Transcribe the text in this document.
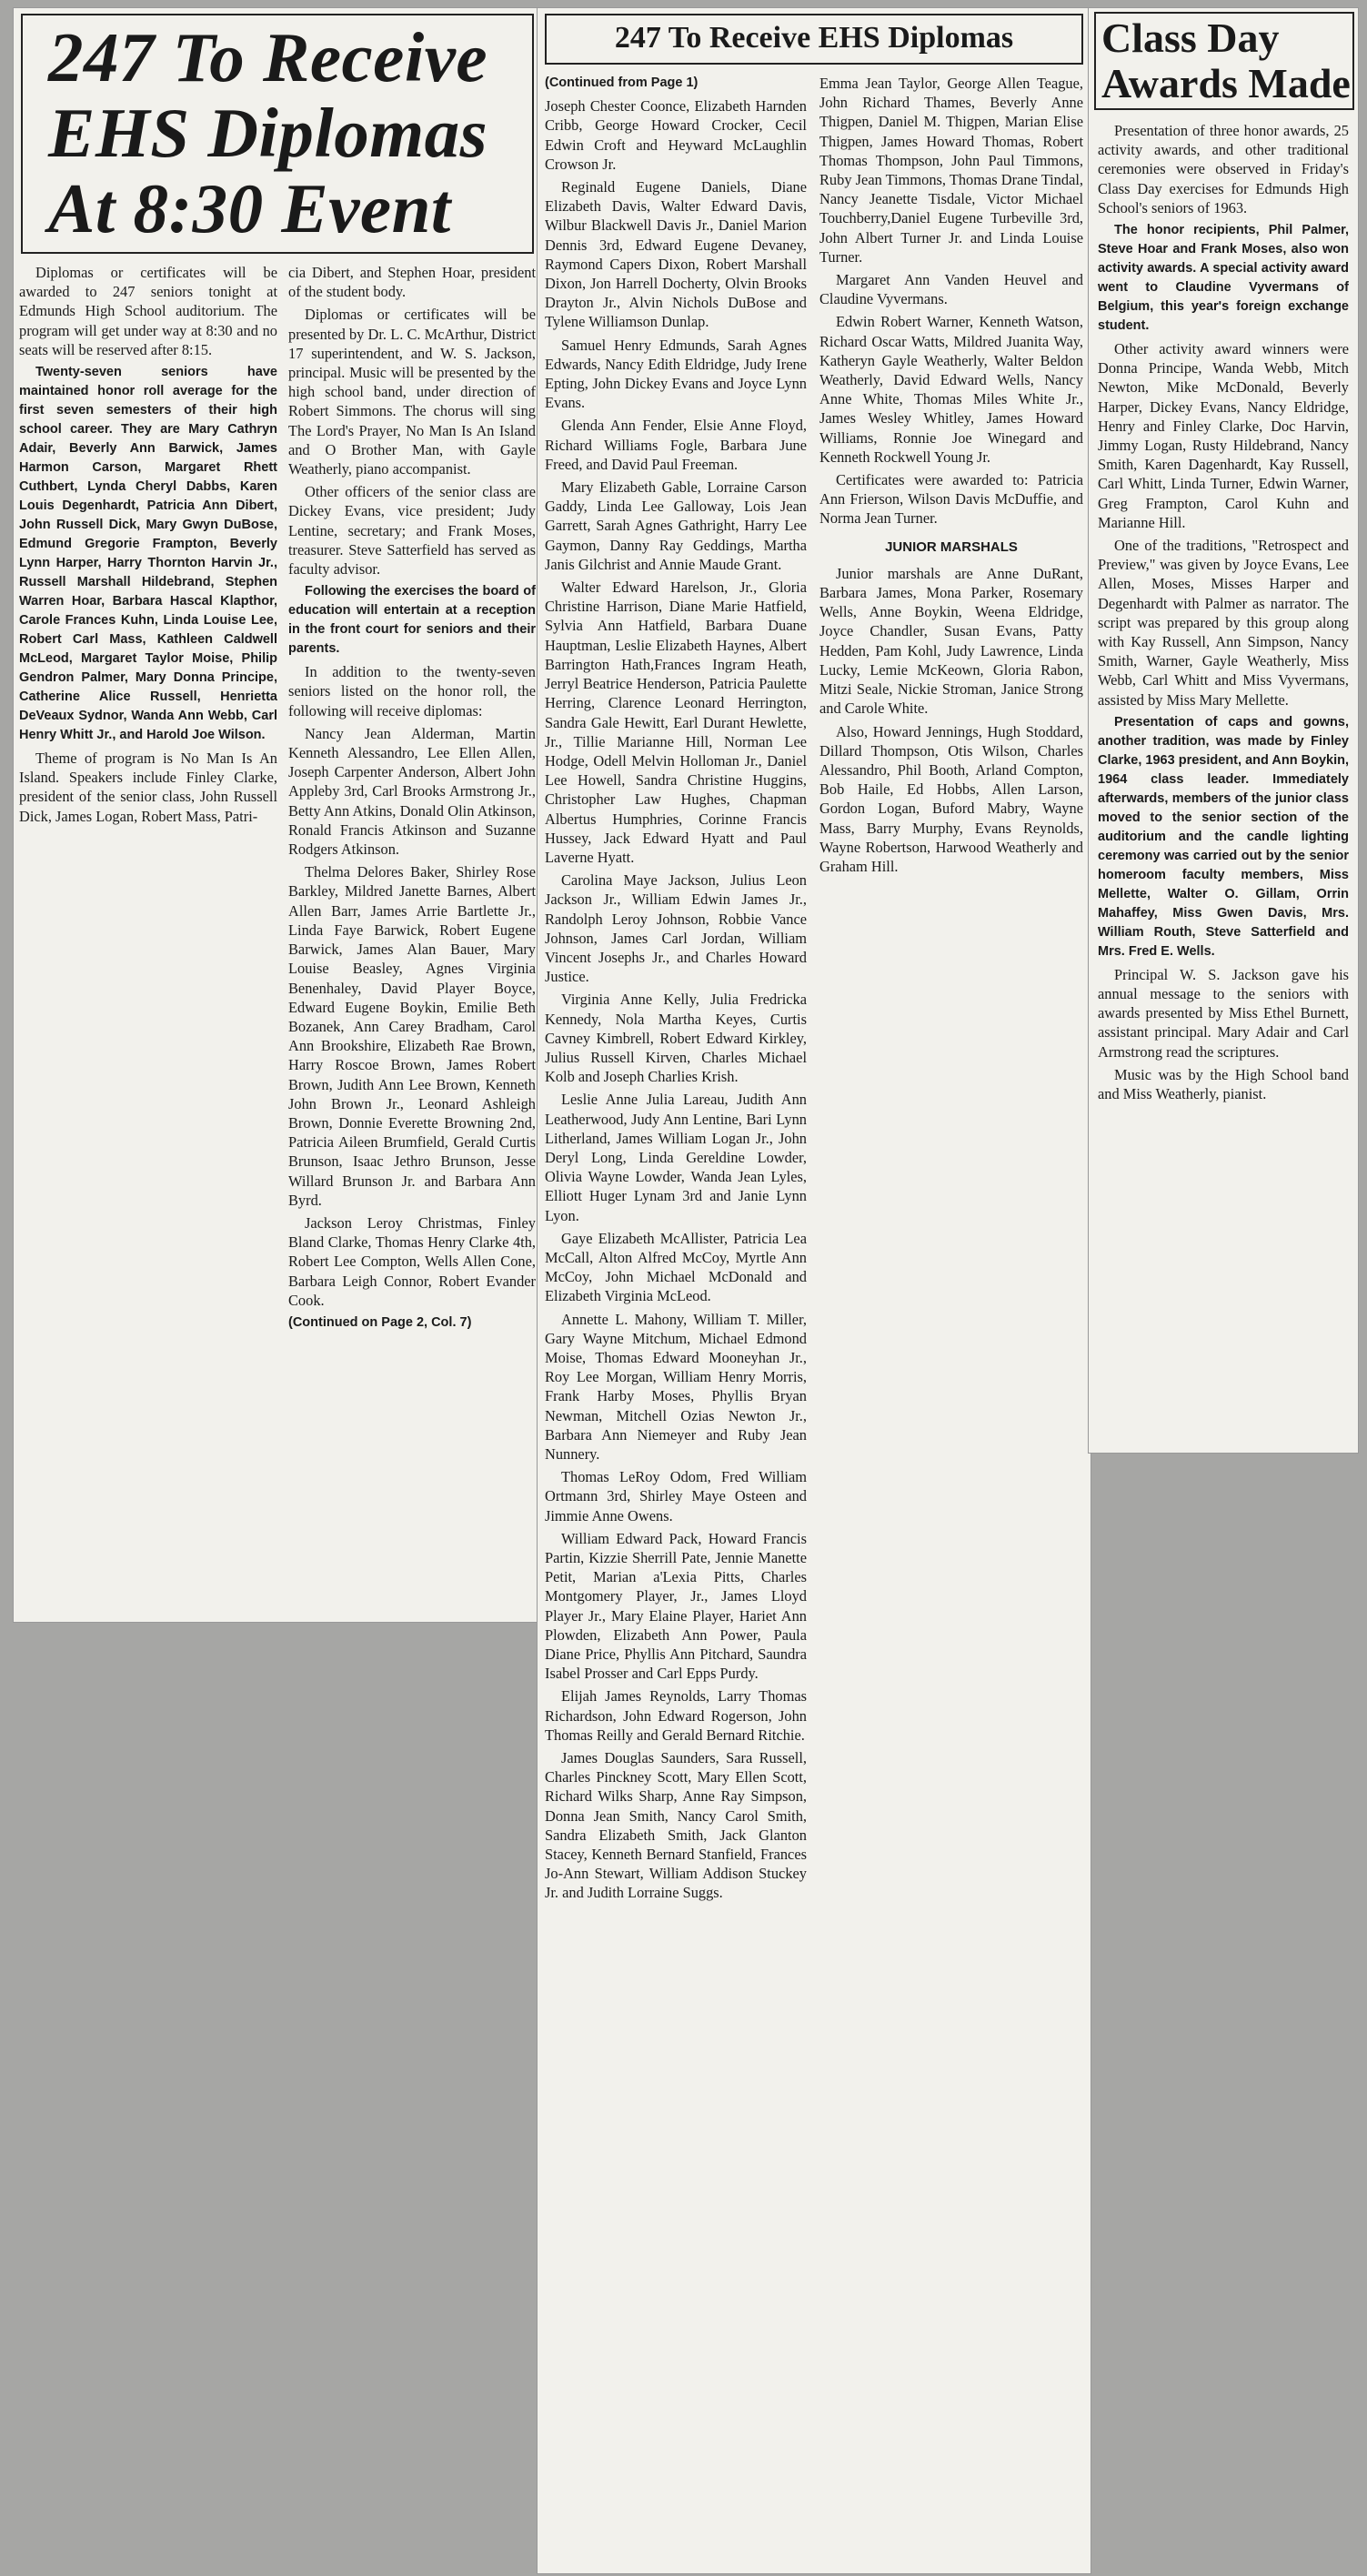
247 To Receive
EHS Diplomas
At 8:30 Event

Diplomas or certificates will be awarded to 247 seniors tonight at Edmunds High School auditorium. The program will get under way at 8:30 and no seats will be reserved after 8:15.

Twenty-seven seniors have maintained honor roll average for the first seven semesters of their high school career. They are Mary Cathryn Adair, Beverly Ann Barwick, James Harmon Carson, Margaret Rhett Cuthbert, Lynda Cheryl Dabbs, Karen Louis Degenhardt, Patricia Ann Dibert, John Russell Dick, Mary Gwyn DuBose, Edmund Gregorie Frampton, Beverly Lynn Harper, Harry Thornton Harvin Jr., Russell Marshall Hildebrand, Stephen Warren Hoar, Barbara Hascal Klapthor, Carole Frances Kuhn, Linda Louise Lee, Robert Carl Mass, Kathleen Caldwell McLeod, Margaret Taylor Moise, Philip Gendron Palmer, Mary Donna Principe, Catherine Alice Russell, Henrietta DeVeaux Sydnor, Wanda Ann Webb, Carl Henry Whitt Jr., and Harold Joe Wilson.

Theme of program is No Man Is An Island. Speakers include Finley Clarke, president of the senior class, John Russell Dick, James Logan, Robert Mass, Patri-

cia Dibert, and Stephen Hoar, president of the student body.

Diplomas or certificates will be presented by Dr. L. C. McArthur, District 17 superintendent, and W. S. Jackson, principal. Music will be presented by the high school band, under direction of Robert Simmons. The chorus will sing The Lord's Prayer, No Man Is An Island and O Brother Man, with Gayle Weatherly, piano accompanist.

Other officers of the senior class are Dickey Evans, vice president; Judy Lentine, secretary; and Frank Moses, treasurer. Steve Satterfield has served as faculty advisor.

Following the exercises the board of education will entertain at a reception in the front court for seniors and their parents.

In addition to the twenty-seven seniors listed on the honor roll, the following will receive diplomas:

Nancy Jean Alderman, Martin Kenneth Alessandro, Lee Ellen Allen, Joseph Carpenter Anderson, Albert John Appleby 3rd, Carl Brooks Armstrong Jr., Betty Ann Atkins, Donald Olin Atkinson, Ronald Francis Atkinson and Suzanne Rodgers Atkinson.

Thelma Delores Baker, Shirley Rose Barkley, Mildred Janette Barnes, Albert Allen Barr, James Arrie Bartlette Jr., Linda Faye Barwick, Robert Eugene Barwick, James Alan Bauer, Mary Louise Beasley, Agnes Virginia Benenhaley, David Player Boyce, Edward Eugene Boykin, Emilie Beth Bozanek, Ann Carey Bradham, Carol Ann Brookshire, Elizabeth Rae Brown, Harry Roscoe Brown, James Robert Brown, Judith Ann Lee Brown, Kenneth John Brown Jr., Leonard Ashleigh Brown, Donnie Everette Browning 2nd, Patricia Aileen Brumfield, Gerald Curtis Brunson, Isaac Jethro Brunson, Jesse Willard Brunson Jr. and Barbara Ann Byrd.

Jackson Leroy Christmas, Finley Bland Clarke, Thomas Henry Clarke 4th, Robert Lee Compton, Wells Allen Cone, Barbara Leigh Connor, Robert Evander Cook.

(Continued on Page 2, Col. 7)

247 To Receive EHS Diplomas

(Continued from Page 1)

Joseph Chester Coonce, Elizabeth Harnden Cribb, George Howard Crocker, Cecil Edwin Croft and Heyward McLaughlin Crowson Jr.

Reginald Eugene Daniels, Diane Elizabeth Davis, Walter Edward Davis, Wilbur Blackwell Davis Jr., Daniel Marion Dennis 3rd, Edward Eugene Devaney, Raymond Capers Dixon, Robert Marshall Dixon, Jon Harrell Docherty, Olvin Brooks Drayton Jr., Alvin Nichols DuBose and Tylene Williamson Dunlap.

Samuel Henry Edmunds, Sarah Agnes Edwards, Nancy Edith Eldridge, Judy Irene Epting, John Dickey Evans and Joyce Lynn Evans.

Glenda Ann Fender, Elsie Anne Floyd, Richard Williams Fogle, Barbara June Freed, and David Paul Freeman.

Mary Elizabeth Gable, Lorraine Carson Gaddy, Linda Lee Galloway, Lois Jean Garrett, Sarah Agnes Gathright, Harry Lee Gaymon, Danny Ray Geddings, Martha Janis Gilchrist and Annie Maude Grant.

Walter Edward Harelson, Jr., Gloria Christine Harrison, Diane Marie Hatfield, Sylvia Ann Hatfield, Barbara Duane Hauptman, Leslie Elizabeth Haynes, Albert Barrington Hath,Frances Ingram Heath, Jerryl Beatrice Henderson, Patricia Paulette Herring, Clarence Leonard Herrington, Sandra Gale Hewitt, Earl Durant Hewlette, Jr., Tillie Marianne Hill, Norman Lee Hodge, Odell Melvin Holloman Jr., Daniel Lee Howell, Sandra Christine Huggins, Christopher Law Hughes, Chapman Albertus Humphries, Corinne Francis Hussey, Jack Edward Hyatt and Paul Laverne Hyatt.

Carolina Maye Jackson, Julius Leon Jackson Jr., William Edwin James Jr., Randolph Leroy Johnson, Robbie Vance Johnson, James Carl Jordan, William Vincent Josephs Jr., and Charles Howard Justice.

Virginia Anne Kelly, Julia Fredricka Kennedy, Nola Martha Keyes, Curtis Cavney Kimbrell, Robert Edward Kirkley, Julius Russell Kirven, Charles Michael Kolb and Joseph Charlies Krish.

Leslie Anne Julia Lareau, Judith Ann Leatherwood, Judy Ann Lentine, Bari Lynn Litherland, James William Logan Jr., John Deryl Long, Linda Gereldine Lowder, Olivia Wayne Lowder, Wanda Jean Lyles, Elliott Huger Lynam 3rd and Janie Lynn Lyon.

Gaye Elizabeth McAllister, Patricia Lea McCall, Alton Alfred McCoy, Myrtle Ann McCoy, John Michael McDonald and Elizabeth Virginia McLeod.

Annette L. Mahony, William T. Miller, Gary Wayne Mitchum, Michael Edmond Moise, Thomas Edward Mooneyhan Jr., Roy Lee Morgan, William Henry Morris, Frank Harby Moses, Phyllis Bryan Newman, Mitchell Ozias Newton Jr., Barbara Ann Niemeyer and Ruby Jean Nunnery.

Thomas LeRoy Odom, Fred William Ortmann 3rd, Shirley Maye Osteen and Jimmie Anne Owens.

William Edward Pack, Howard Francis Partin, Kizzie Sherrill Pate, Jennie Manette Petit, Marian a'Lexia Pitts, Charles Montgomery Player, Jr., James Lloyd Player Jr., Mary Elaine Player, Hariet Ann Plowden, Elizabeth Ann Power, Paula Diane Price, Phyllis Ann Pitchard, Saundra Isabel Prosser and Carl Epps Purdy.

Elijah James Reynolds, Larry Thomas Richardson, John Edward Rogerson, John Thomas Reilly and Gerald Bernard Ritchie.

James Douglas Saunders, Sara Russell, Charles Pinckney Scott, Mary Ellen Scott, Richard Wilks Sharp, Anne Ray Simpson, Donna Jean Smith, Nancy Carol Smith, Sandra Elizabeth Smith, Jack Glanton Stacey, Kenneth Bernard Stanfield, Frances Jo-Ann Stewart, William Addison Stuckey Jr. and Judith Lorraine Suggs.

Emma Jean Taylor, George Allen Teague, John Richard Thames, Beverly Anne Thigpen, Daniel M. Thigpen, Marian Elise Thigpen, James Howard Thomas, Robert Thomas Thompson, John Paul Timmons, Ruby Jean Timmons, Thomas Drane Tindal, Nancy Jeanette Tisdale, Victor Michael Touchberry,Daniel Eugene Turbeville 3rd, John Albert Turner Jr. and Linda Louise Turner.

Margaret Ann Vanden Heuvel and Claudine Vyvermans.

Edwin Robert Warner, Kenneth Watson, Richard Oscar Watts, Mildred Juanita Way, Katheryn Gayle Weatherly, Walter Beldon Weatherly, David Edward Wells, Nancy Anne White, Thomas Miles White Jr., James Wesley Whitley, James Howard Williams, Ronnie Joe Winegard and Kenneth Rockwell Young Jr.

Certificates were awarded to: Patricia Ann Frierson, Wilson Davis McDuffie, and Norma Jean Turner.

JUNIOR MARSHALS

Junior marshals are Anne DuRant, Barbara James, Mona Parker, Rosemary Wells, Anne Boykin, Weena Eldridge, Joyce Chandler, Susan Evans, Patty Hedden, Pam Kohl, Judy Lawrence, Linda Lucky, Lemie McKeown, Gloria Rabon, Mitzi Seale, Nickie Stroman, Janice Strong and Carole White.

Also, Howard Jennings, Hugh Stoddard, Dillard Thompson, Otis Wilson, Charles Alessandro, Phil Booth, Arland Compton, Bob Haile, Ed Hobbs, Allen Larson, Gordon Logan, Buford Mabry, Wayne Mass, Barry Murphy, Evans Reynolds, Wayne Robertson, Harwood Weatherly and Graham Hill.

Class Day
Awards Made

Presentation of three honor awards, 25 activity awards, and other traditional ceremonies were observed in Friday's Class Day exercises for Edmunds High School's seniors of 1963.

The honor recipients, Phil Palmer, Steve Hoar and Frank Moses, also won activity awards. A special activity award went to Claudine Vyvermans of Belgium, this year's foreign exchange student.

Other activity award winners were Donna Principe, Wanda Webb, Mitch Newton, Mike McDonald, Beverly Harper, Dickey Evans, Nancy Eldridge, Henry and Finley Clarke, Doc Harvin, Jimmy Logan, Rusty Hildebrand, Nancy Smith, Karen Dagenhardt, Kay Russell, Carl Whitt, Linda Turner, Edwin Warner, Greg Frampton, Carol Kuhn and Marianne Hill.

One of the traditions, "Retrospect and Preview," was given by Joyce Evans, Lee Allen, Moses, Misses Harper and Degenhardt with Palmer as narrator. The script was prepared by this group along with Kay Russell, Ann Simpson, Nancy Smith, Warner, Gayle Weatherly, Miss Webb, Carl Whitt and Miss Vyvermans, assisted by Miss Mary Mellette.

Presentation of caps and gowns, another tradition, was made by Finley Clarke, 1963 president, and Ann Boykin, 1964 class leader. Immediately afterwards, members of the junior class moved to the senior section of the auditorium and the candle lighting ceremony was carried out by the senior homeroom faculty members, Miss Mellette, Walter O. Gillam, Orrin Mahaffey, Miss Gwen Davis, Mrs. William Routh, Steve Satterfield and Mrs. Fred E. Wells.

Principal W. S. Jackson gave his annual message to the seniors with awards presented by Miss Ethel Burnett, assistant principal. Mary Adair and Carl Armstrong read the scriptures.

Music was by the High School band and Miss Weatherly, pianist.
